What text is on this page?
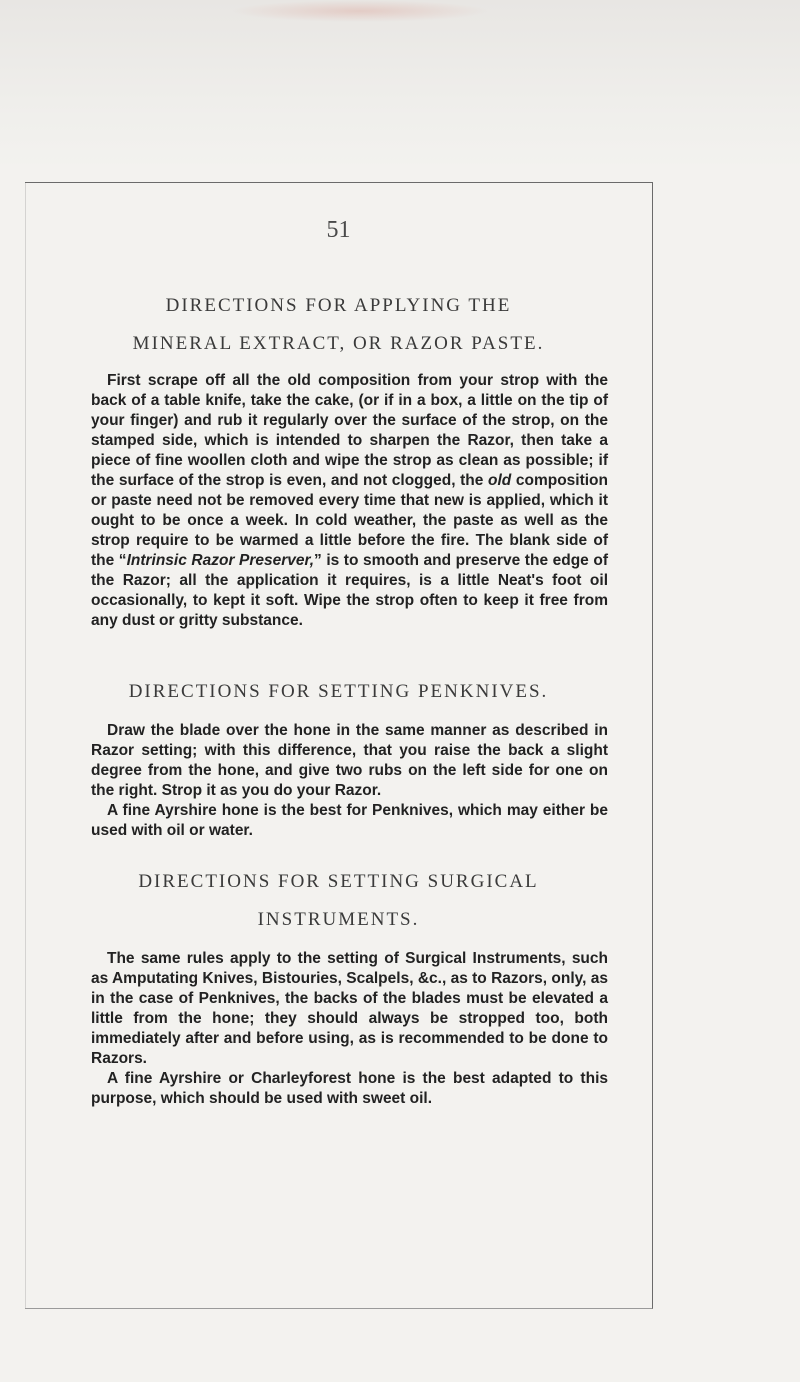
51
DIRECTIONS FOR APPLYING THE
MINERAL EXTRACT, OR RAZOR PASTE.

First scrape off all the old composition from your strop with the back of a table knife, take the cake, (or if in a box, a little on the tip of your finger) and rub it regularly over the surface of the strop, on the stamped side, which is intended to sharpen the Razor, then take a piece of fine woollen cloth and wipe the strop as clean as possible; if the surface of the strop is even, and not clogged, the old composition or paste need not be removed every time that new is applied, which it ought to be once a week. In cold weather, the paste as well as the strop require to be warmed a little before the fire. The blank side of the “Intrinsic Razor Preserver,” is to smooth and preserve the edge of the Razor; all the application it requires, is a little Neat's foot oil occasionally, to kept it soft. Wipe the strop often to keep it free from any dust or gritty substance.

DIRECTIONS FOR SETTING PENKNIVES.

Draw the blade over the hone in the same manner as described in Razor setting; with this difference, that you raise the back a slight degree from the hone, and give two rubs on the left side for one on the right. Strop it as you do your Razor.

A fine Ayrshire hone is the best for Penknives, which may either be used with oil or water.

DIRECTIONS FOR SETTING SURGICAL
INSTRUMENTS.

The same rules apply to the setting of Surgical Instruments, such as Amputating Knives, Bistouries, Scalpels, &c., as to Razors, only, as in the case of Penknives, the backs of the blades must be elevated a little from the hone; they should always be stropped too, both immediately after and before using, as is recommended to be done to Razors.

A fine Ayrshire or Charleyforest hone is the best adapted to this purpose, which should be used with sweet oil.
